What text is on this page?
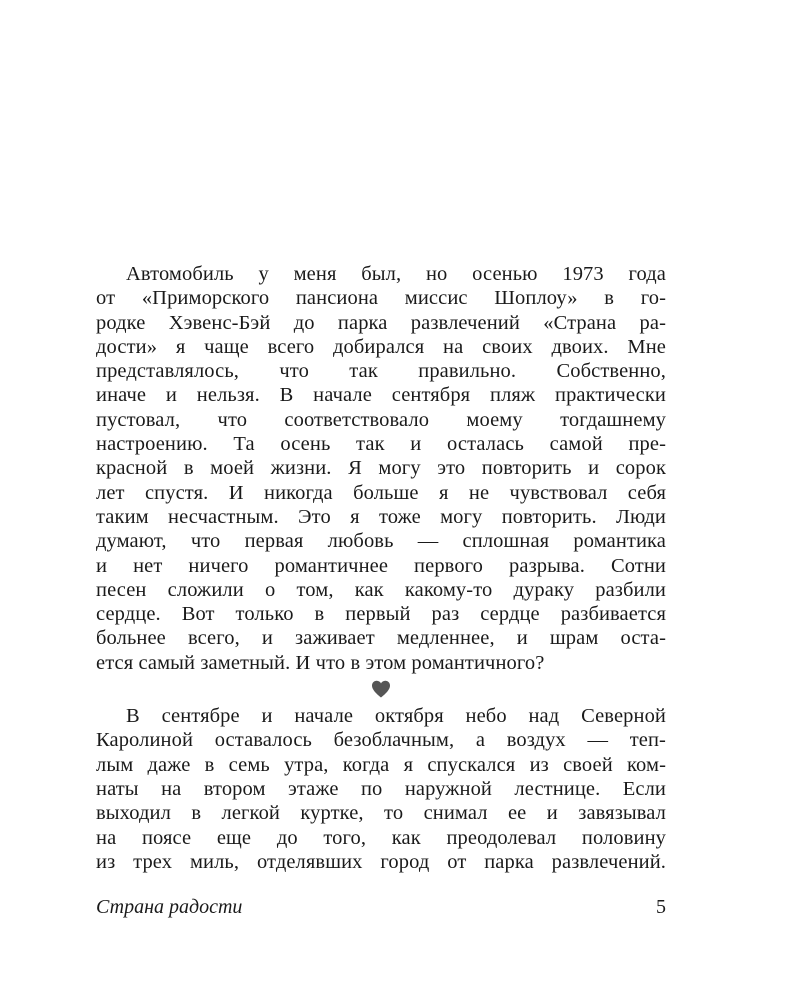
Автомобиль у меня был, но осенью 1973 года
от «Приморского пансиона миссис Шоплоу» в го-
родке Хэвенс-Бэй до парка развлечений «Страна ра-
дости» я чаще всего добирался на своих двоих. Мне
представлялось, что так правильно. Собственно,
иначе и нельзя. В начале сентября пляж практически
пустовал, что соответствовало моему тогдашнему
настроению. Та осень так и осталась самой пре-
красной в моей жизни. Я могу это повторить и сорок
лет спустя. И никогда больше я не чувствовал себя
таким несчастным. Это я тоже могу повторить. Люди
думают, что первая любовь — сплошная романтика
и нет ничего романтичнее первого разрыва. Сотни
песен сложили о том, как какому-то дураку разбили
сердце. Вот только в первый раз сердце разбивается
больнее всего, и заживает медленнее, и шрам оста-
ется самый заметный. И что в этом романтичного?
В сентябре и начале октября небо над Северной
Каролиной оставалось безоблачным, а воздух — теп-
лым даже в семь утра, когда я спускался из своей ком-
наты на втором этаже по наружной лестнице. Если
выходил в легкой куртке, то снимал ее и завязывал
на поясе еще до того, как преодолевал половину
из трех миль, отделявших город от парка развлечений.
Страна радости	5
